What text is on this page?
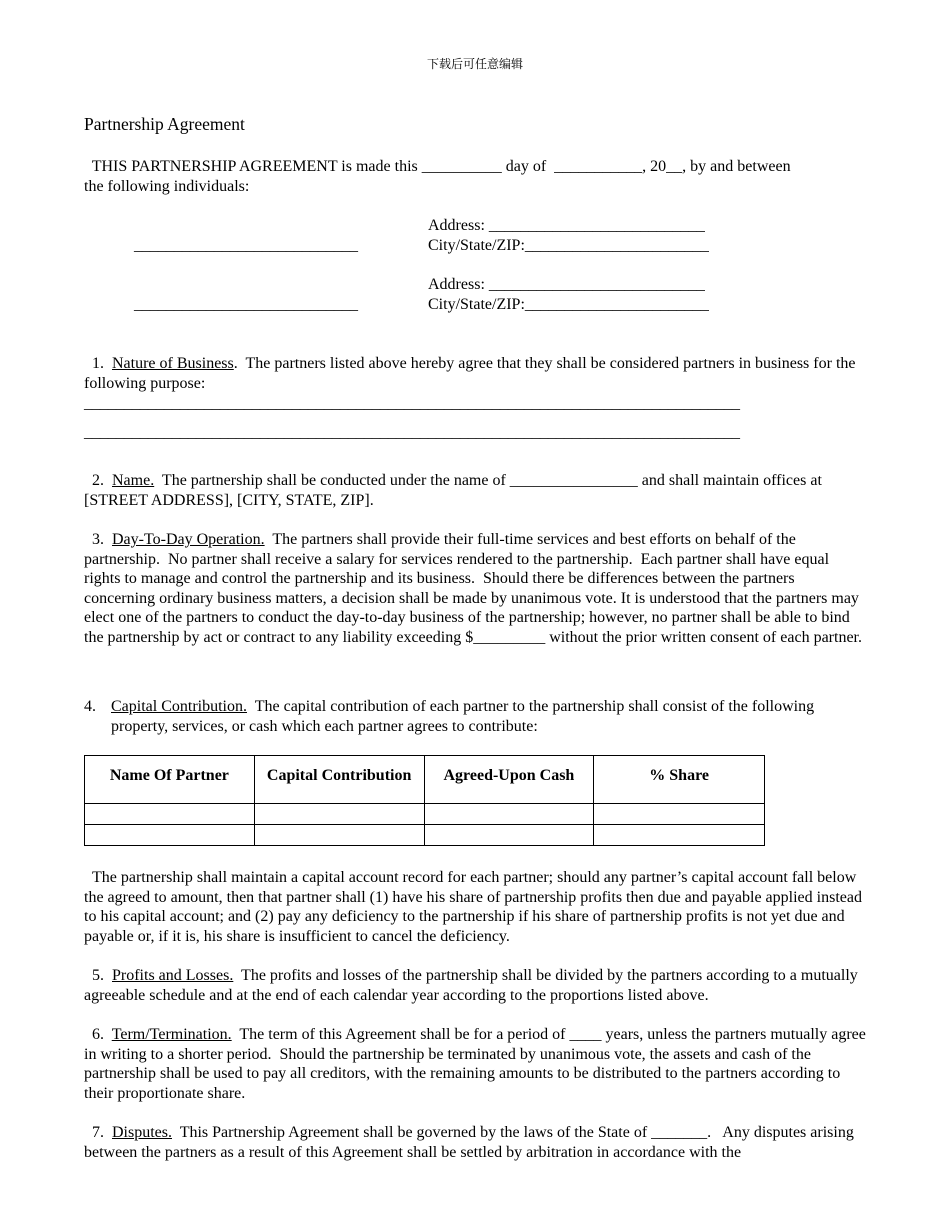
下载后可任意编辑
Partnership Agreement
THIS PARTNERSHIP AGREEMENT is made this __________ day of  ___________, 20__, by and between
the following individuals:
Address: ___________________________
____________________________	City/State/ZIP:_______________________
Address: ___________________________
____________________________	City/State/ZIP:_______________________
1.  Nature of Business.  The partners listed above hereby agree that they shall be considered partners in business for the following purpose:
__________________________________________________________________________________
__________________________________________________________________________________
2.  Name.  The partnership shall be conducted under the name of ________________ and shall maintain offices at [STREET ADDRESS], [CITY, STATE, ZIP].
3.  Day-To-Day Operation.  The partners shall provide their full-time services and best efforts on behalf of the partnership.  No partner shall receive a salary for services rendered to the partnership.  Each partner shall have equal rights to manage and control the partnership and its business.  Should there be differences between the partners concerning ordinary business matters, a decision shall be made by unanimous vote. It is understood that the partners may elect one of the partners to conduct the day-to-day business of the partnership; however, no partner shall be able to bind the partnership by act or contract to any liability exceeding $_________ without the prior written consent of each partner.
4. Capital Contribution.  The capital contribution of each partner to the partnership shall consist of the following property, services, or cash which each partner agrees to contribute:
Name Of Partner	Capital Contribution	Agreed-Upon Cash	% Share

The partnership shall maintain a capital account record for each partner; should any partner’s capital account fall below the agreed to amount, then that partner shall (1) have his share of partnership profits then due and payable applied instead to his capital account; and (2) pay any deficiency to the partnership if his share of partnership profits is not yet due and payable or, if it is, his share is insufficient to cancel the deficiency.
5.  Profits and Losses.  The profits and losses of the partnership shall be divided by the partners according to a mutually agreeable schedule and at the end of each calendar year according to the proportions listed above.
6.  Term/Termination.  The term of this Agreement shall be for a period of ____ years, unless the partners mutually agree in writing to a shorter period.  Should the partnership be terminated by unanimous vote, the assets and cash of the partnership shall be used to pay all creditors, with the remaining amounts to be distributed to the partners according to their proportionate share.
7.  Disputes.  This Partnership Agreement shall be governed by the laws of the State of _______.   Any disputes arising between the partners as a result of this Agreement shall be settled by arbitration in accordance with the
